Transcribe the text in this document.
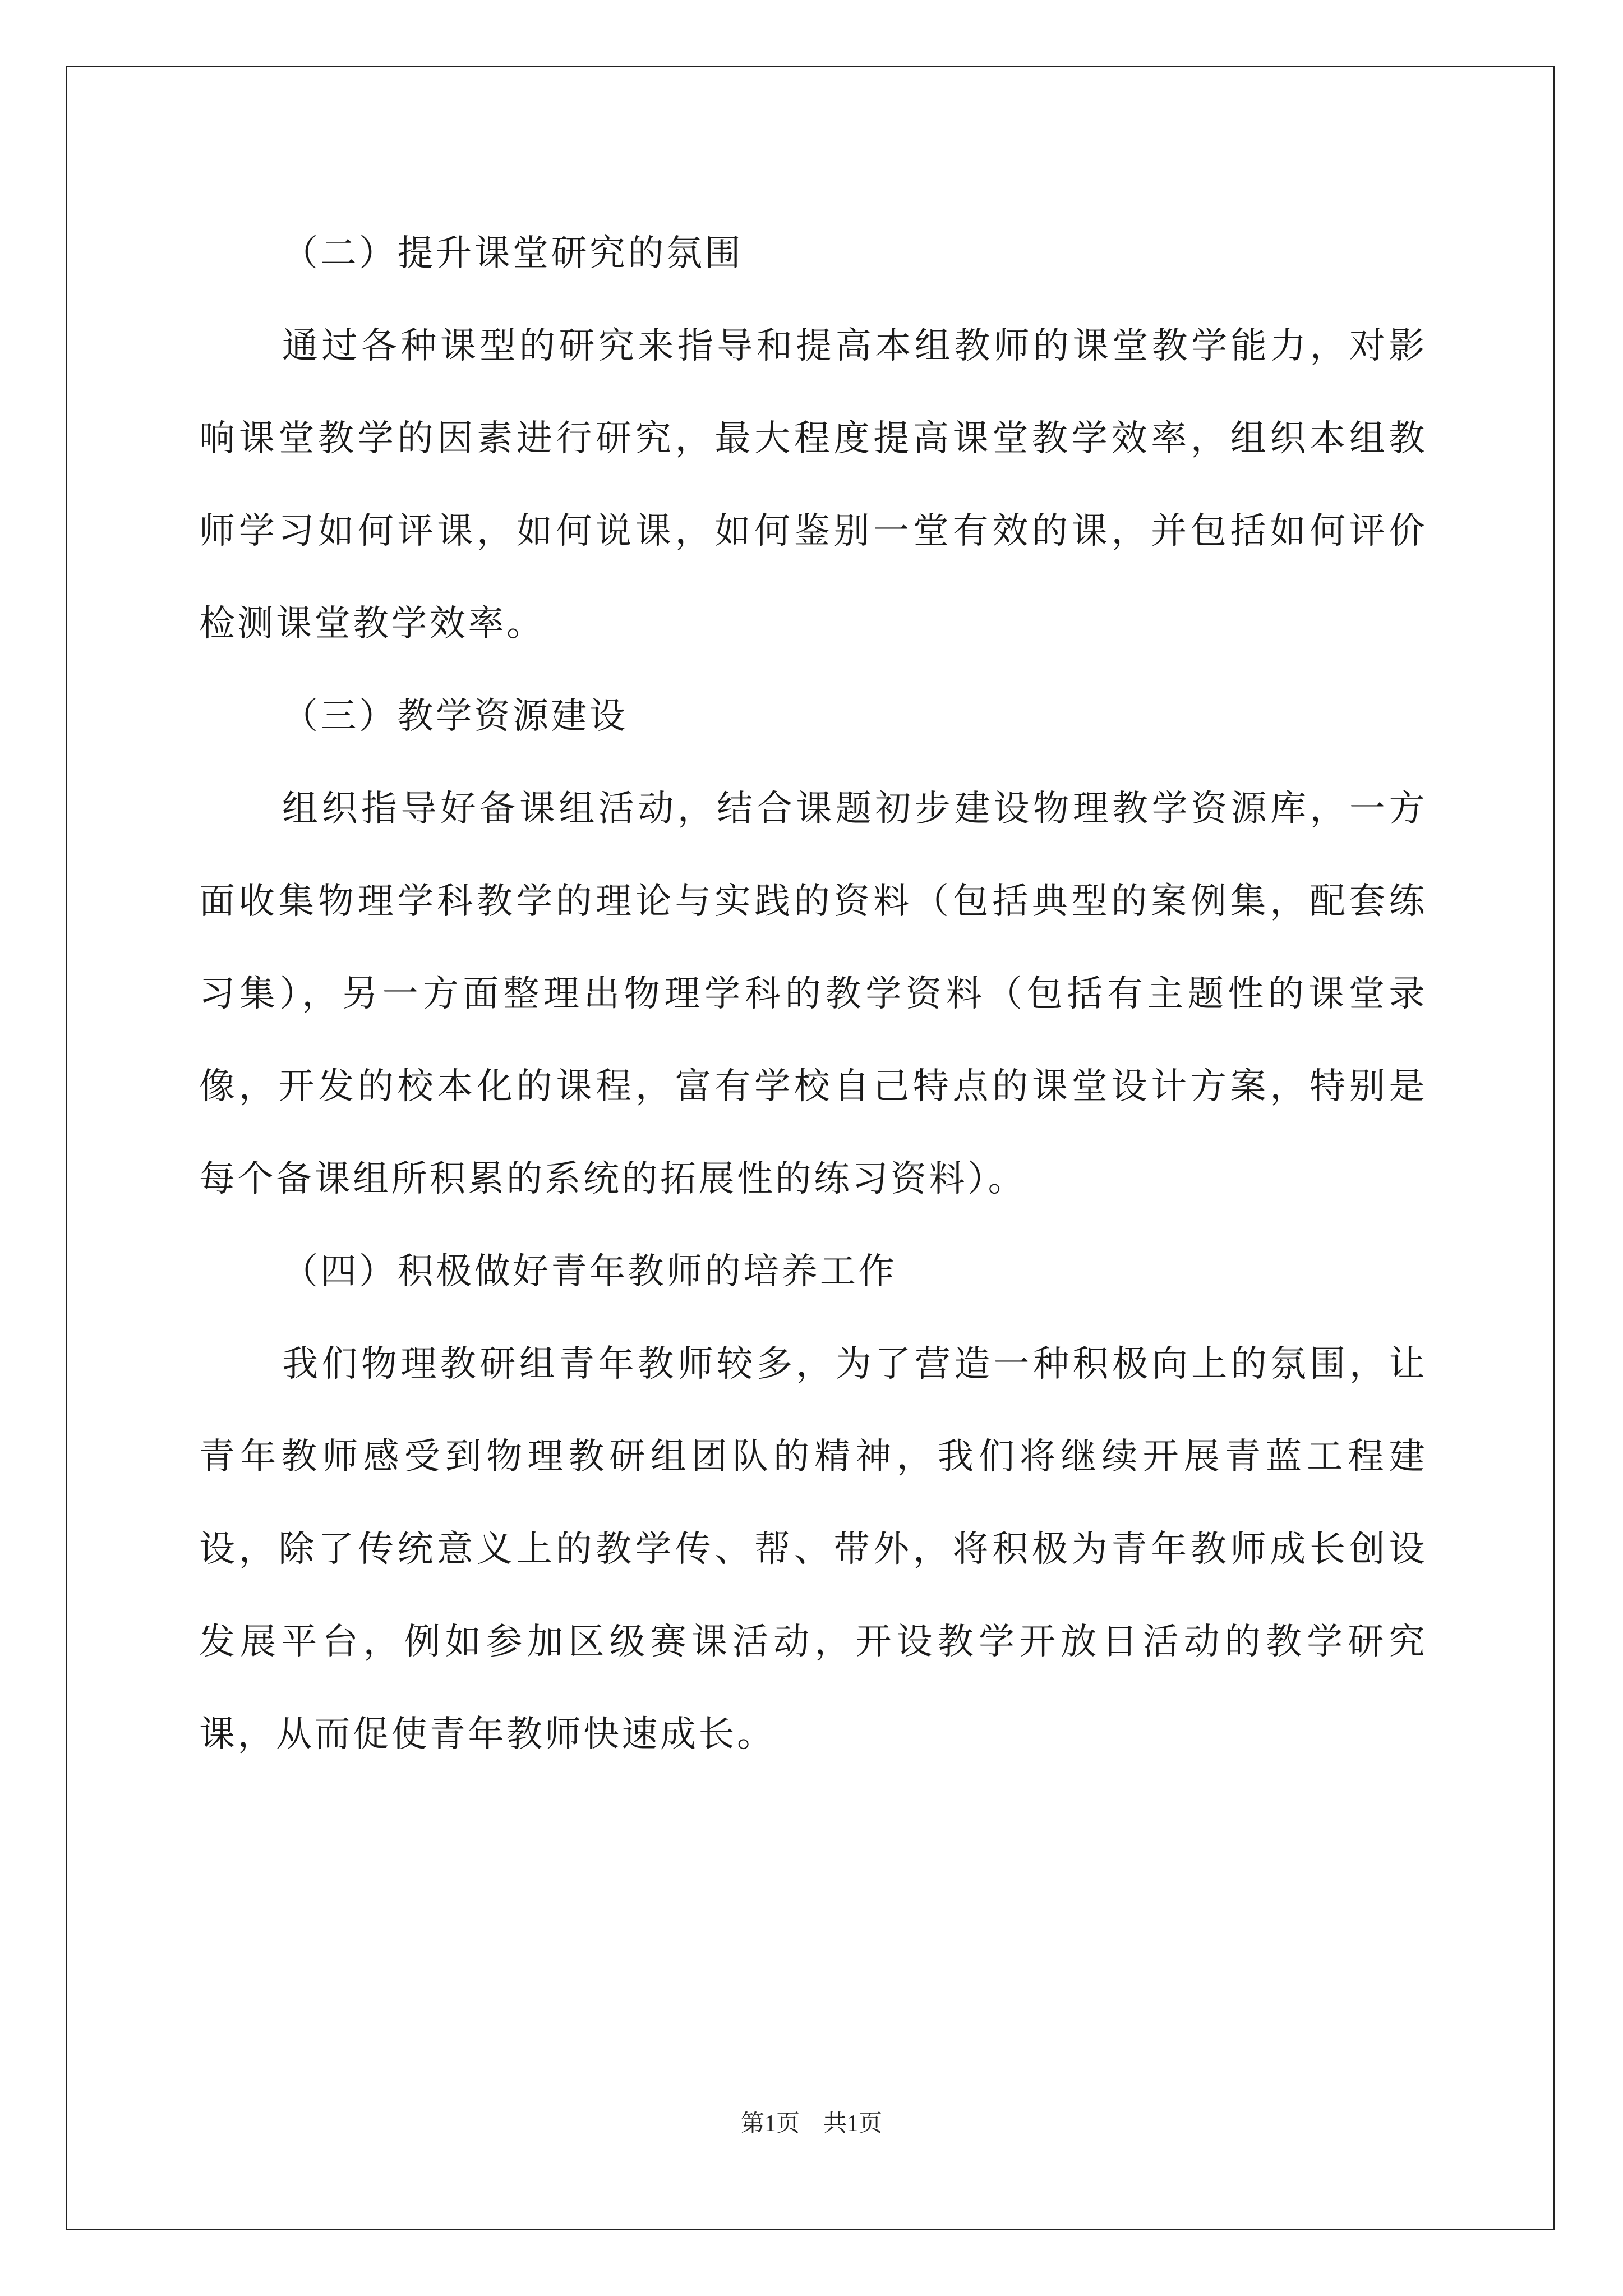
（二）提升课堂研究的氛围

通过各种课型的研究来指导和提高本组教师的课堂教学能力，对影响课堂教学的因素进行研究，最大程度提高课堂教学效率，组织本组教师学习如何评课，如何说课，如何鉴别一堂有效的课，并包括如何评价检测课堂教学效率。

（三）教学资源建设

组织指导好备课组活动，结合课题初步建设物理教学资源库，一方面收集物理学科教学的理论与实践的资料（包括典型的案例集，配套练习集），另一方面整理出物理学科的教学资料（包括有主题性的课堂录像，开发的校本化的课程，富有学校自己特点的课堂设计方案，特别是每个备课组所积累的系统的拓展性的练习资料）。

（四）积极做好青年教师的培养工作

我们物理教研组青年教师较多，为了营造一种积极向上的氛围，让青年教师感受到物理教研组团队的精神，我们将继续开展青蓝工程建设，除了传统意义上的教学传、帮、带外，将积极为青年教师成长创设发展平台，例如参加区级赛课活动，开设教学开放日活动的教学研究课，从而促使青年教师快速成长。

第1页　共1页
